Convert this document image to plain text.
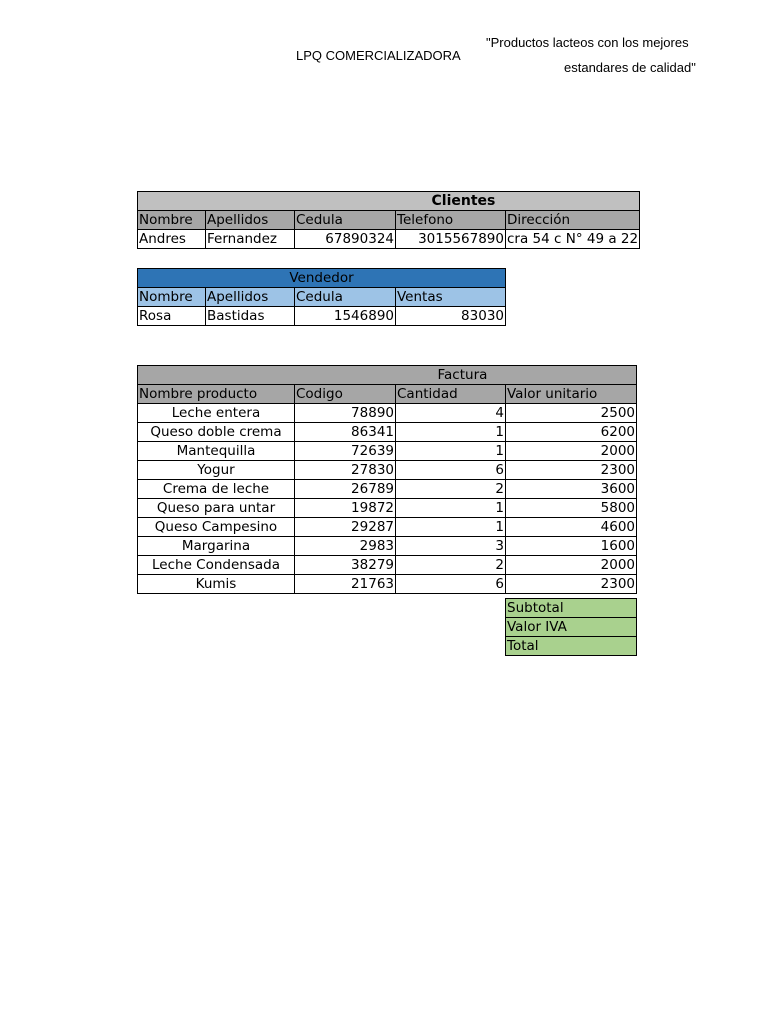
LPQ COMERCIALIZADORA
"Productos lacteos con los mejores
estandares de calidad"
			Clientes	
Nombre	Apellidos	Cedula	Telefono	Dirección
Andres	Fernandez	67890324	3015567890	cra 54 c N° 49 a 22
Vendedor			
Nombre	Apellidos	Cedula	Ventas
Rosa	Bastidas	1546890	83030
		Factura	
Nombre producto	Codigo	Cantidad	Valor unitario
Leche entera	78890	4	2500
Queso doble crema	86341	1	6200
Mantequilla	72639	1	2000
Yogur	27830	6	2300
Crema de leche	26789	2	3600
Queso para untar	19872	1	5800
Queso Campesino	29287	1	4600
Margarina	2983	3	1600
Leche Condensada	38279	2	2000
Kumis	21763	6	2300
Subtotal
Valor IVA
Total
